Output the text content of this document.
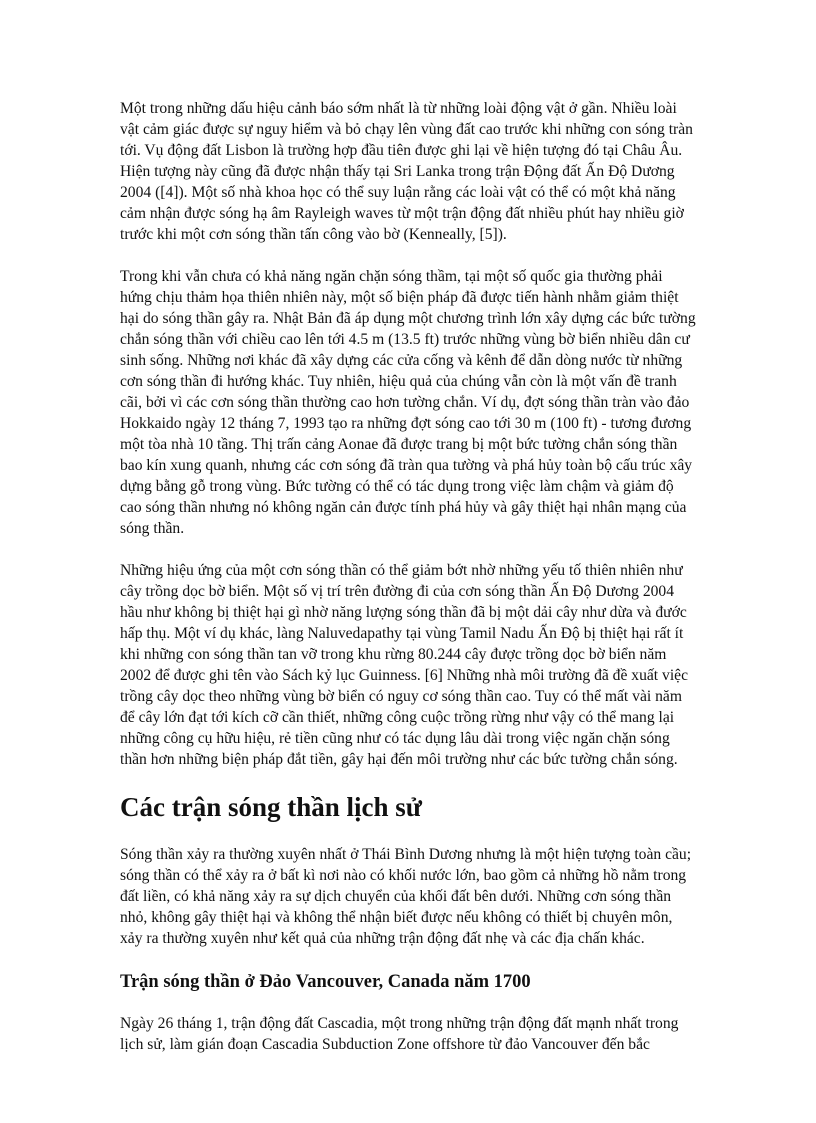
Một trong những dấu hiệu cảnh báo sớm nhất là từ những loài động vật ở gần. Nhiều loài vật cảm giác được sự nguy hiểm và bỏ chạy lên vùng đất cao trước khi những con sóng tràn tới. Vụ động đất Lisbon là trường hợp đầu tiên được ghi lại về hiện tượng đó tại Châu Âu. Hiện tượng này cũng đã được nhận thấy tại Sri Lanka trong trận Động đất Ấn Độ Dương 2004 ([4]). Một số nhà khoa học có thể suy luận rằng các loài vật có thể có một khả năng cảm nhận được sóng hạ âm Rayleigh waves từ một trận động đất nhiều phút hay nhiều giờ trước khi một cơn sóng thần tấn công vào bờ (Kenneally, [5]).

Trong khi vẫn chưa có khả năng ngăn chặn sóng thầm, tại một số quốc gia thường phải hứng chịu thảm họa thiên nhiên này, một số biện pháp đã được tiến hành nhằm giảm thiệt hại do sóng thần gây ra. Nhật Bản đã áp dụng một chương trình lớn xây dựng các bức tường chắn sóng thần với chiều cao lên tới 4.5 m (13.5 ft) trước những vùng bờ biển nhiều dân cư sinh sống. Những nơi khác đã xây dựng các cửa cống và kênh để dẫn dòng nước từ những cơn sóng thần đi hướng khác. Tuy nhiên, hiệu quả của chúng vẫn còn là một vấn đề tranh cãi, bởi vì các cơn sóng thần thường cao hơn tường chắn. Ví dụ, đợt sóng thần tràn vào đảo Hokkaido ngày 12 tháng 7, 1993 tạo ra những đợt sóng cao tới 30 m (100 ft) - tương đương một tòa nhà 10 tầng. Thị trấn cảng Aonae đã được trang bị một bức tường chắn sóng thần bao kín xung quanh, nhưng các cơn sóng đã tràn qua tường và phá hủy toàn bộ cấu trúc xây dựng bằng gỗ trong vùng. Bức tường có thể có tác dụng trong việc làm chậm và giảm độ cao sóng thần nhưng nó không ngăn cản được tính phá hủy và gây thiệt hại nhân mạng của sóng thần.

Những hiệu ứng của một cơn sóng thần có thể giảm bớt nhờ những yếu tố thiên nhiên như cây trồng dọc bờ biển. Một số vị trí trên đường đi của cơn sóng thần Ấn Độ Dương 2004 hầu như không bị thiệt hại gì nhờ năng lượng sóng thần đã bị một dải cây như dừa và đước hấp thụ. Một ví dụ khác, làng Naluvedapathy tại vùng Tamil Nadu Ấn Độ bị thiệt hại rất ít khi những con sóng thần tan vỡ trong khu rừng 80.244 cây được trồng dọc bờ biển năm 2002 để được ghi tên vào Sách kỷ lục Guinness. [6] Những nhà môi trường đã đề xuất việc trồng cây dọc theo những vùng bờ biển có nguy cơ sóng thần cao. Tuy có thể mất vài năm để cây lớn đạt tới kích cỡ cần thiết, những công cuộc trồng rừng như vậy có thể mang lại những công cụ hữu hiệu, rẻ tiền cũng như có tác dụng lâu dài trong việc ngăn chặn sóng thần hơn những biện pháp đắt tiền, gây hại đến môi trường như các bức tường chắn sóng.

Các trận sóng thần lịch sử

Sóng thần xảy ra thường xuyên nhất ở Thái Bình Dương nhưng là một hiện tượng toàn cầu; sóng thần có thể xảy ra ở bất kì nơi nào có khối nước lớn, bao gồm cả những hồ nằm trong đất liền, có khả năng xảy ra sự dịch chuyển của khối đất bên dưới. Những cơn sóng thần nhỏ, không gây thiệt hại và không thể nhận biết được nếu không có thiết bị chuyên môn, xảy ra thường xuyên như kết quả của những trận động đất nhẹ và các địa chấn khác.

Trận sóng thần ở Đảo Vancouver, Canada năm 1700

Ngày 26 tháng 1, trận động đất Cascadia, một trong những trận động đất mạnh nhất trong lịch sử, làm gián đoạn Cascadia Subduction Zone offshore từ đảo Vancouver đến bắc
